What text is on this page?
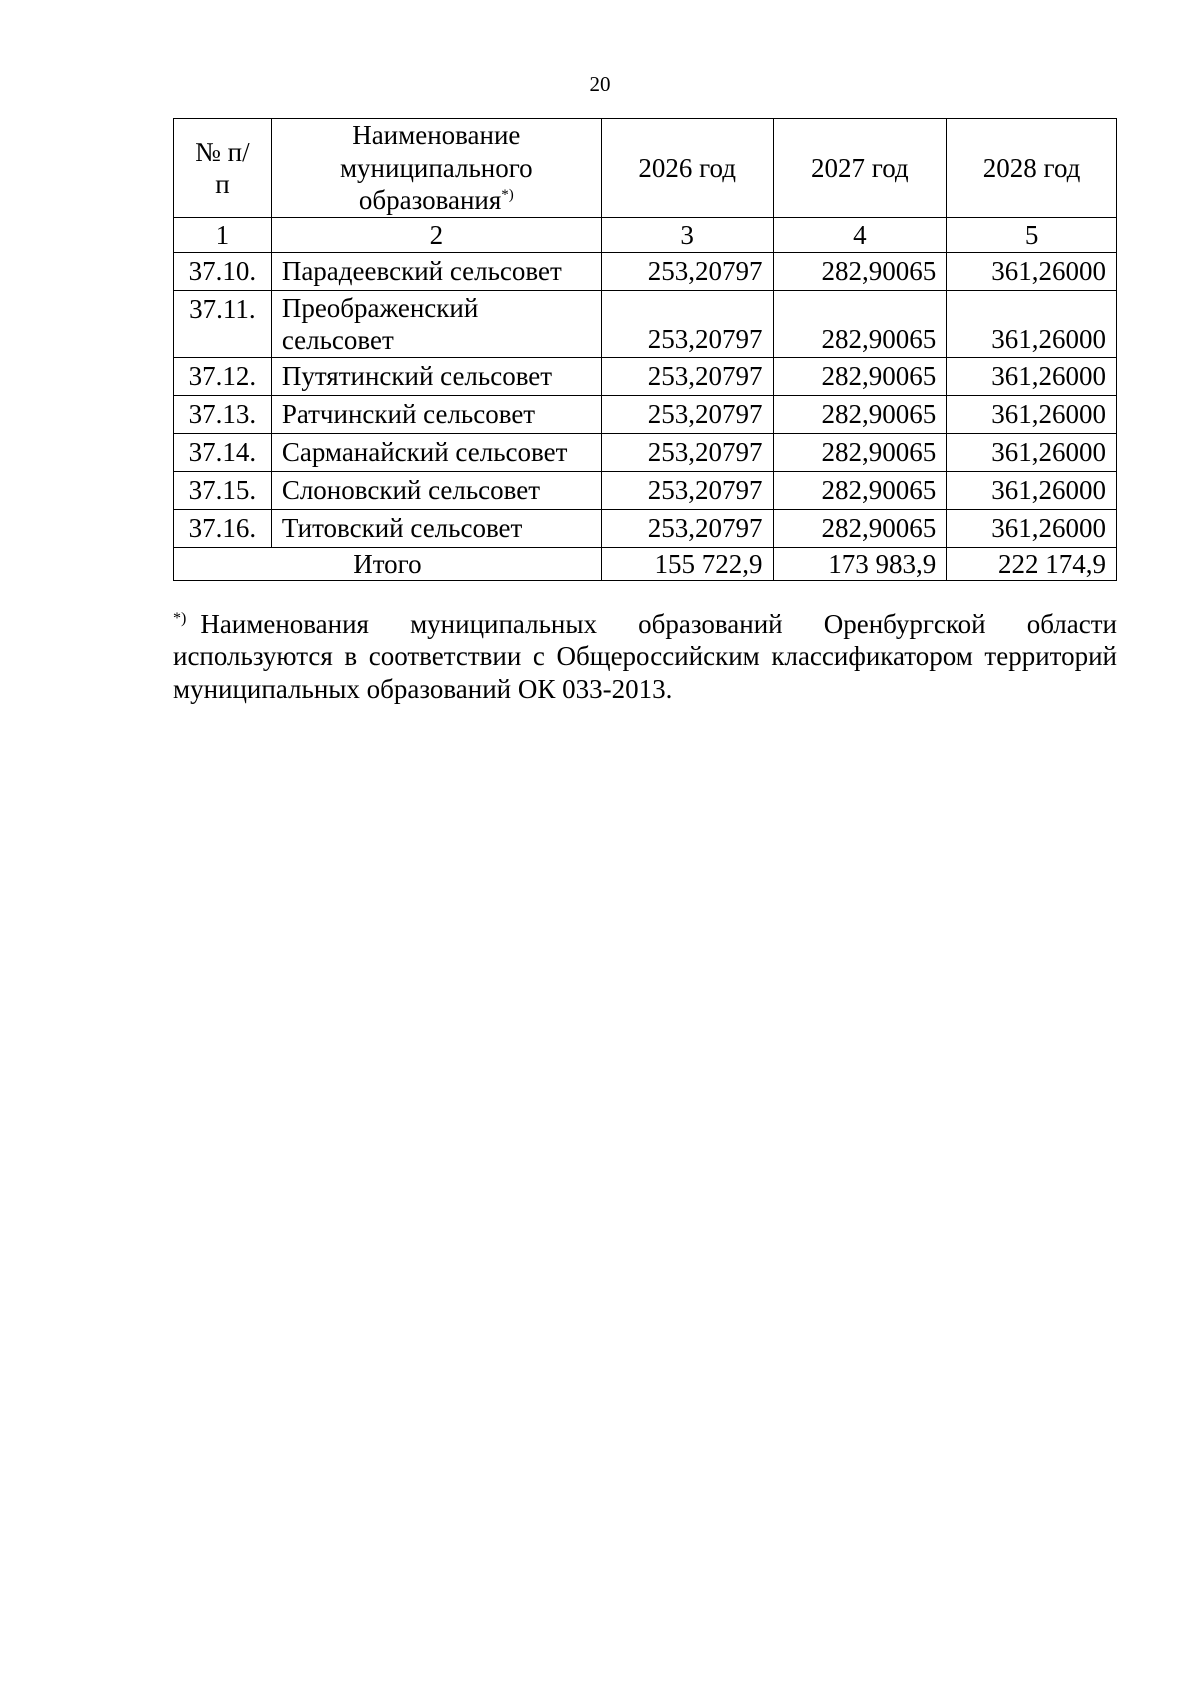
20
№ п/п	Наименование муниципального образования*)	2026 год	2027 год	2028 год
1	2	3	4	5
37.10.	Парадеевский сельсовет	253,20797	282,90065	361,26000
37.11.	Преображенский сельсовет	253,20797	282,90065	361,26000
37.12.	Путятинский сельсовет	253,20797	282,90065	361,26000
37.13.	Ратчинский сельсовет	253,20797	282,90065	361,26000
37.14.	Сарманайский сельсовет	253,20797	282,90065	361,26000
37.15.	Слоновский сельсовет	253,20797	282,90065	361,26000
37.16.	Титовский сельсовет	253,20797	282,90065	361,26000
Итого		155 722,9	173 983,9	222 174,9
*) Наименования муниципальных образований Оренбургской области используются в соответствии с Общероссийским классификатором территорий муниципальных образований ОК 033-2013.
